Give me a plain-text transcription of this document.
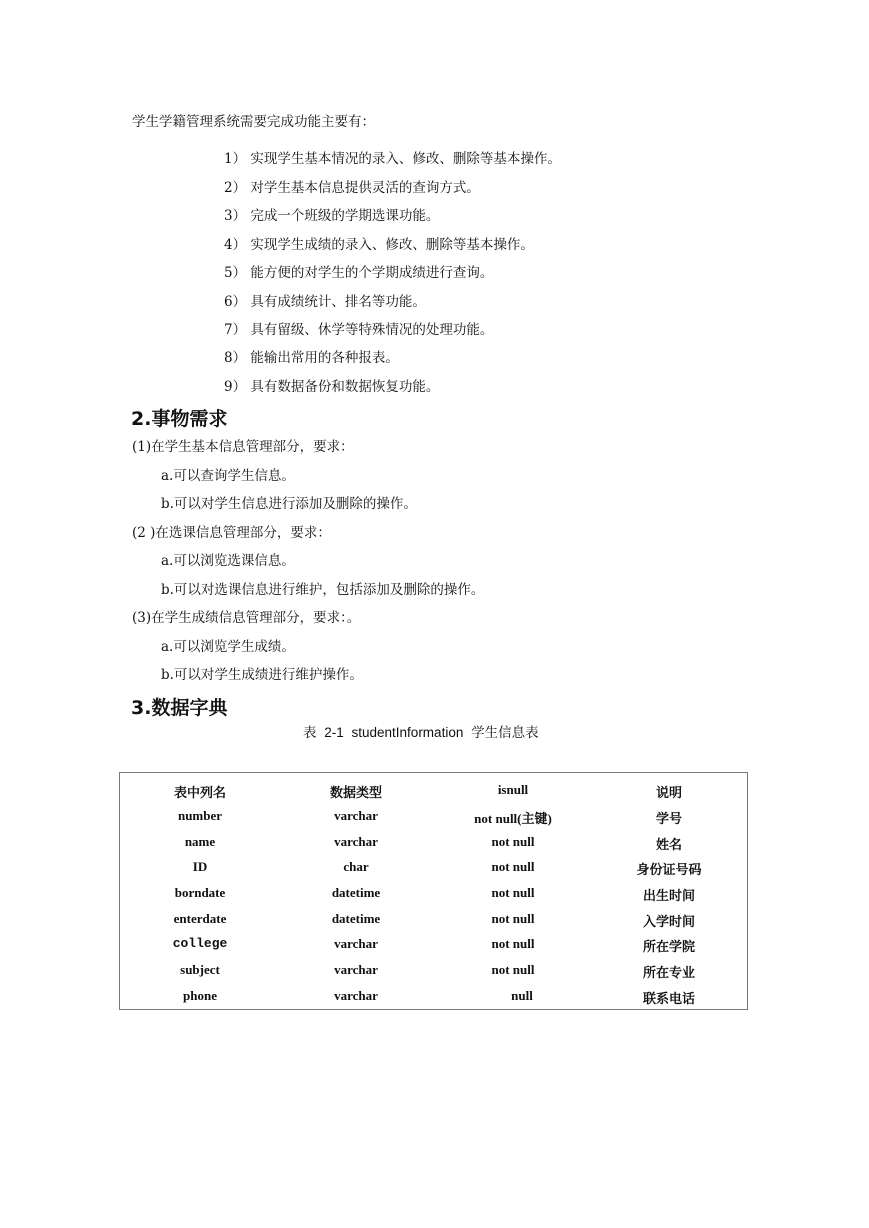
学生学籍管理系统需要完成功能主要有：
1） 实现学生基本情况的录入、修改、删除等基本操作。
2） 对学生基本信息提供灵活的查询方式。
3） 完成一个班级的学期选课功能。
4） 实现学生成绩的录入、修改、删除等基本操作。
5） 能方便的对学生的个学期成绩进行查询。
6） 具有成绩统计、排名等功能。
7） 具有留级、休学等特殊情况的处理功能。
8） 能输出常用的各种报表。
9） 具有数据备份和数据恢复功能。
2.事物需求
(1)在学生基本信息管理部分，要求：
a.可以查询学生信息。
b.可以对学生信息进行添加及删除的操作。
(2 )在选课信息管理部分，要求：
a.可以浏览选课信息。
b.可以对选课信息进行维护，包括添加及删除的操作。
(3)在学生成绩信息管理部分，要求：。
a.可以浏览学生成绩。
b.可以对学生成绩进行维护操作。
3.数据字典
表 2-1 studentInformation 学生信息表
表中列名	数据类型	isnull	说明
number	varchar	not null(主键)	学号
name	varchar	not null	姓名
ID	char	not null	身份证号码
borndate	datetime	not null	出生时间
enterdate	datetime	not null	入学时间
college	varchar	not null	所在学院
subject	varchar	not null	所在专业
phone	varchar	null	联系电话
